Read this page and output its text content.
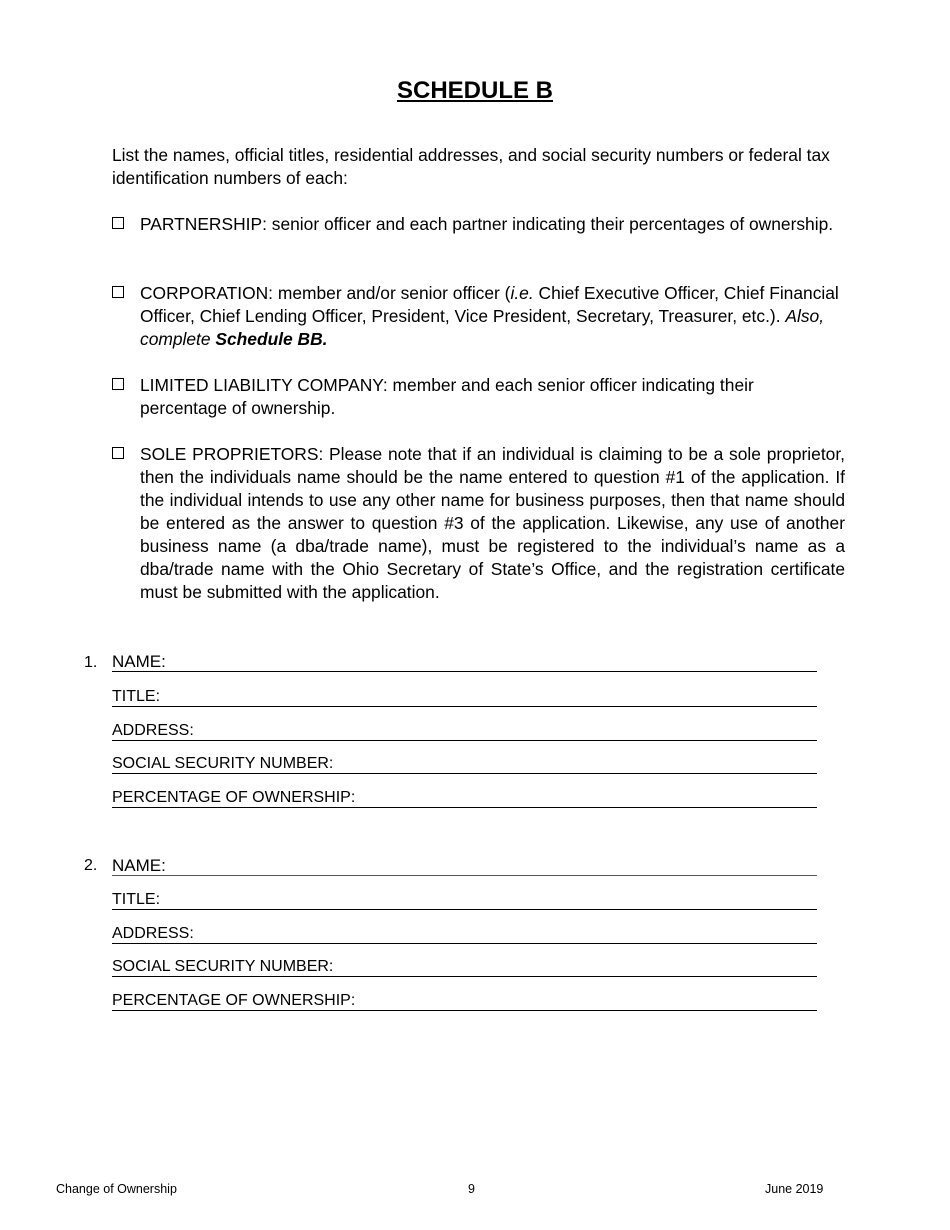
SCHEDULE B

List the names, official titles, residential addresses, and social security numbers or federal tax identification numbers of each:

PARTNERSHIP: senior officer and each partner indicating their percentages of ownership.
CORPORATION: member and/or senior officer (i.e. Chief Executive Officer, Chief Financial Officer, Chief Lending Officer, President, Vice President, Secretary, Treasurer, etc.). Also, complete Schedule BB.
LIMITED LIABILITY COMPANY: member and each senior officer indicating their percentage of ownership.
SOLE PROPRIETORS: Please note that if an individual is claiming to be a sole proprietor, then the individuals name should be the name entered to question #1 of the application. If the individual intends to use any other name for business purposes, then that name should be entered as the answer to question #3 of the application. Likewise, any use of another business name (a dba/trade name), must be registered to the individual’s name as a dba/trade name with the Ohio Secretary of State’s Office, and the registration certificate must be submitted with the application.
1. NAME:
TITLE:
ADDRESS:
SOCIAL SECURITY NUMBER:
PERCENTAGE OF OWNERSHIP:
2. NAME:
TITLE:
ADDRESS:
SOCIAL SECURITY NUMBER:
PERCENTAGE OF OWNERSHIP:
Change of Ownership	9	June 2019
